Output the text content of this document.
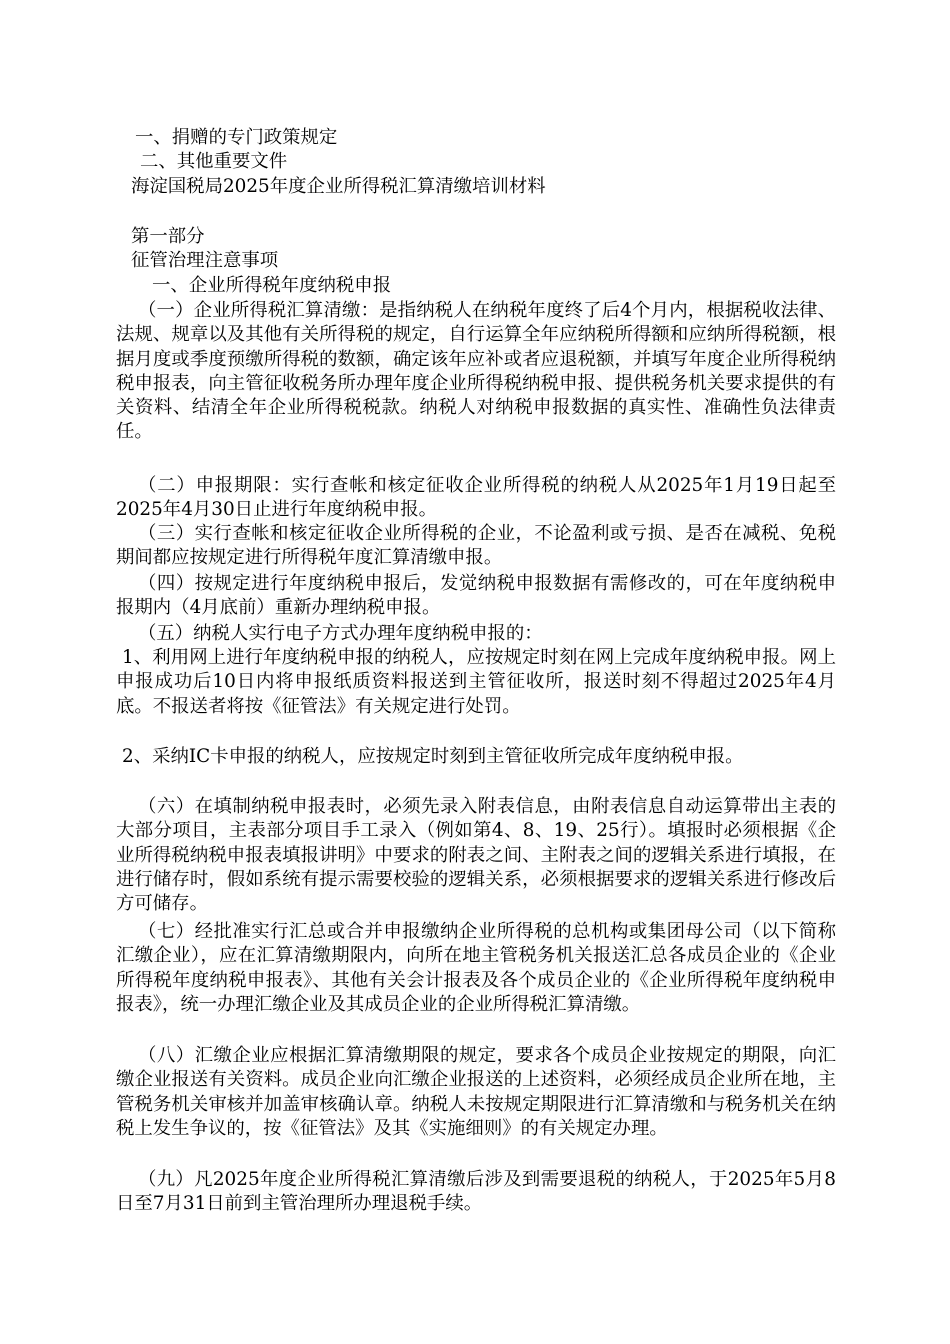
一、捐赠的专门政策规定
二、其他重要文件
海淀国税局2025年度企业所得税汇算清缴培训材料
第一部分
征管治理注意事项
一、企业所得税年度纳税申报
（一）企业所得税汇算清缴：是指纳税人在纳税年度终了后4个月内，根据税收法律、法规、规章以及其他有关所得税的规定，自行运算全年应纳税所得额和应纳所得税额，根据月度或季度预缴所得税的数额，确定该年应补或者应退税额，并填写年度企业所得税纳税申报表，向主管征收税务所办理年度企业所得税纳税申报、提供税务机关要求提供的有关资料、结清全年企业所得税税款。纳税人对纳税申报数据的真实性、准确性负法律责任。
（二）申报期限：实行查帐和核定征收企业所得税的纳税人从2025年1月19日起至2025年4月30日止进行年度纳税申报。
（三）实行查帐和核定征收企业所得税的企业，不论盈利或亏损、是否在减税、免税期间都应按规定进行所得税年度汇算清缴申报。
（四）按规定进行年度纳税申报后，发觉纳税申报数据有需修改的，可在年度纳税申报期内（4月底前）重新办理纳税申报。
（五）纳税人实行电子方式办理年度纳税申报的：
1、利用网上进行年度纳税申报的纳税人，应按规定时刻在网上完成年度纳税申报。网上申报成功后10日内将申报纸质资料报送到主管征收所，报送时刻不得超过2025年4月底。不报送者将按《征管法》有关规定进行处罚。
2、采纳IC卡申报的纳税人，应按规定时刻到主管征收所完成年度纳税申报。
（六）在填制纳税申报表时，必须先录入附表信息，由附表信息自动运算带出主表的大部分项目，主表部分项目手工录入（例如第4、8、19、25行）。填报时必须根据《企业所得税纳税申报表填报讲明》中要求的附表之间、主附表之间的逻辑关系进行填报，在进行储存时，假如系统有提示需要校验的逻辑关系，必须根据要求的逻辑关系进行修改后方可储存。
（七）经批准实行汇总或合并申报缴纳企业所得税的总机构或集团母公司（以下简称汇缴企业），应在汇算清缴期限内，向所在地主管税务机关报送汇总各成员企业的《企业所得税年度纳税申报表》、其他有关会计报表及各个成员企业的《企业所得税年度纳税申报表》，统一办理汇缴企业及其成员企业的企业所得税汇算清缴。
（八）汇缴企业应根据汇算清缴期限的规定，要求各个成员企业按规定的期限，向汇缴企业报送有关资料。成员企业向汇缴企业报送的上述资料，必须经成员企业所在地，主管税务机关审核并加盖审核确认章。纳税人未按规定期限进行汇算清缴和与税务机关在纳税上发生争议的，按《征管法》及其《实施细则》的有关规定办理。
（九）凡2025年度企业所得税汇算清缴后涉及到需要退税的纳税人，于2025年5月8日至7月31日前到主管治理所办理退税手续。
